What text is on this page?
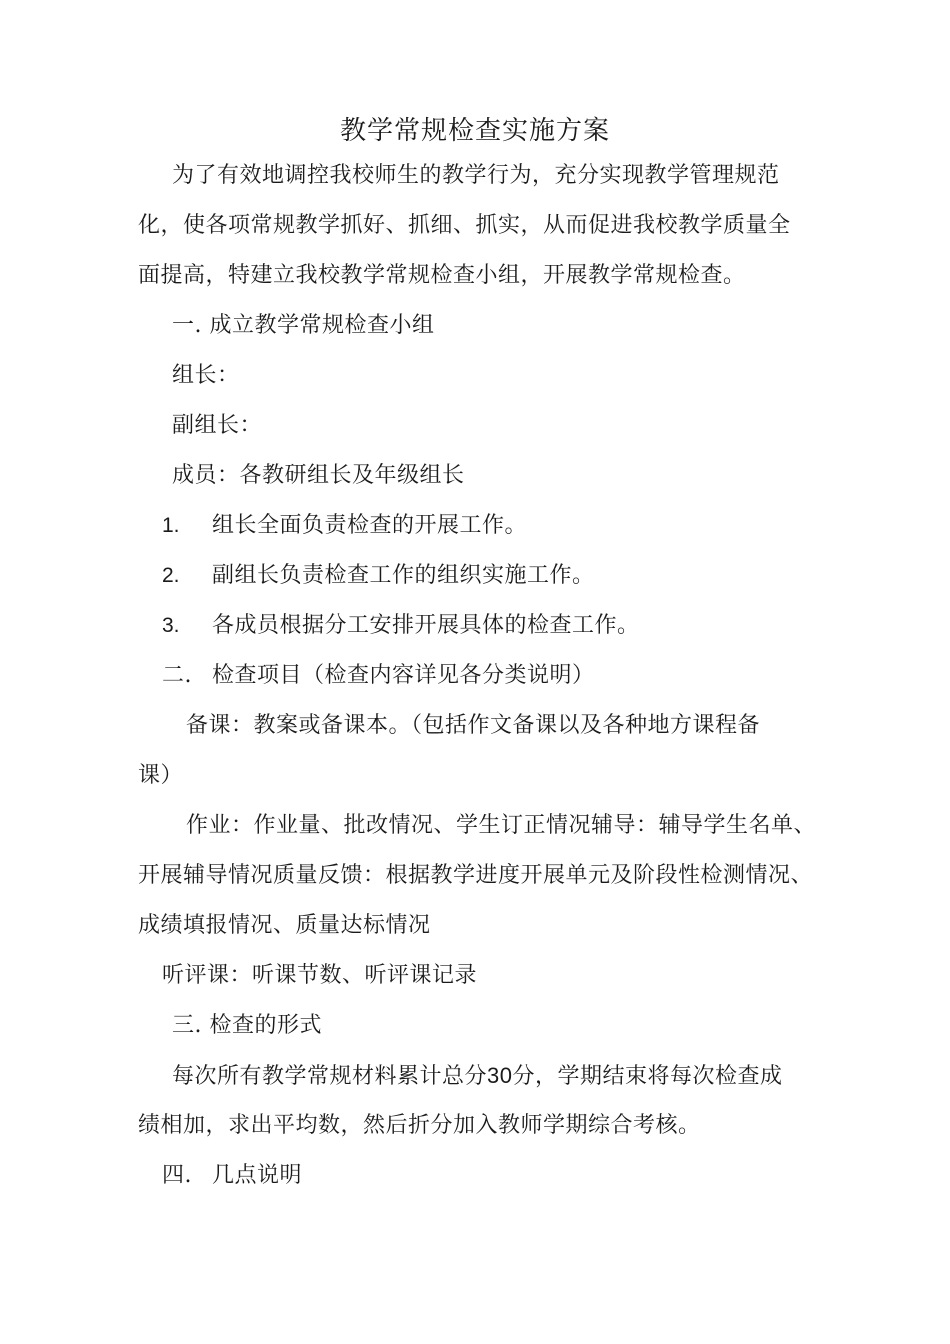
教学常规检查实施方案
为了有效地调控我校师生的教学行为，充分实现教学管理规范
化，使各项常规教学抓好、抓细、抓实，从而促进我校教学质量全
面提高，特建立我校教学常规检查小组，开展教学常规检查。
一. 成立教学常规检查小组
组长：
副组长：
成员：各教研组长及年级组长
1. 组长全面负责检查的开展工作。
2. 副组长负责检查工作的组织实施工作。
3. 各成员根据分工安排开展具体的检查工作。
二. 检查项目（检查内容详见各分类说明）
备课：教案或备课本。（包括作文备课以及各种地方课程备
课）
作业：作业量、批改情况、学生订正情况辅导：辅导学生名单、
开展辅导情况质量反馈：根据教学进度开展单元及阶段性检测情况、
成绩填报情况、质量达标情况
听评课：听课节数、听评课记录
三. 检查的形式
每次所有教学常规材料累计总分30分，学期结束将每次检查成
绩相加，求出平均数，然后折分加入教师学期综合考核。
四. 几点说明
